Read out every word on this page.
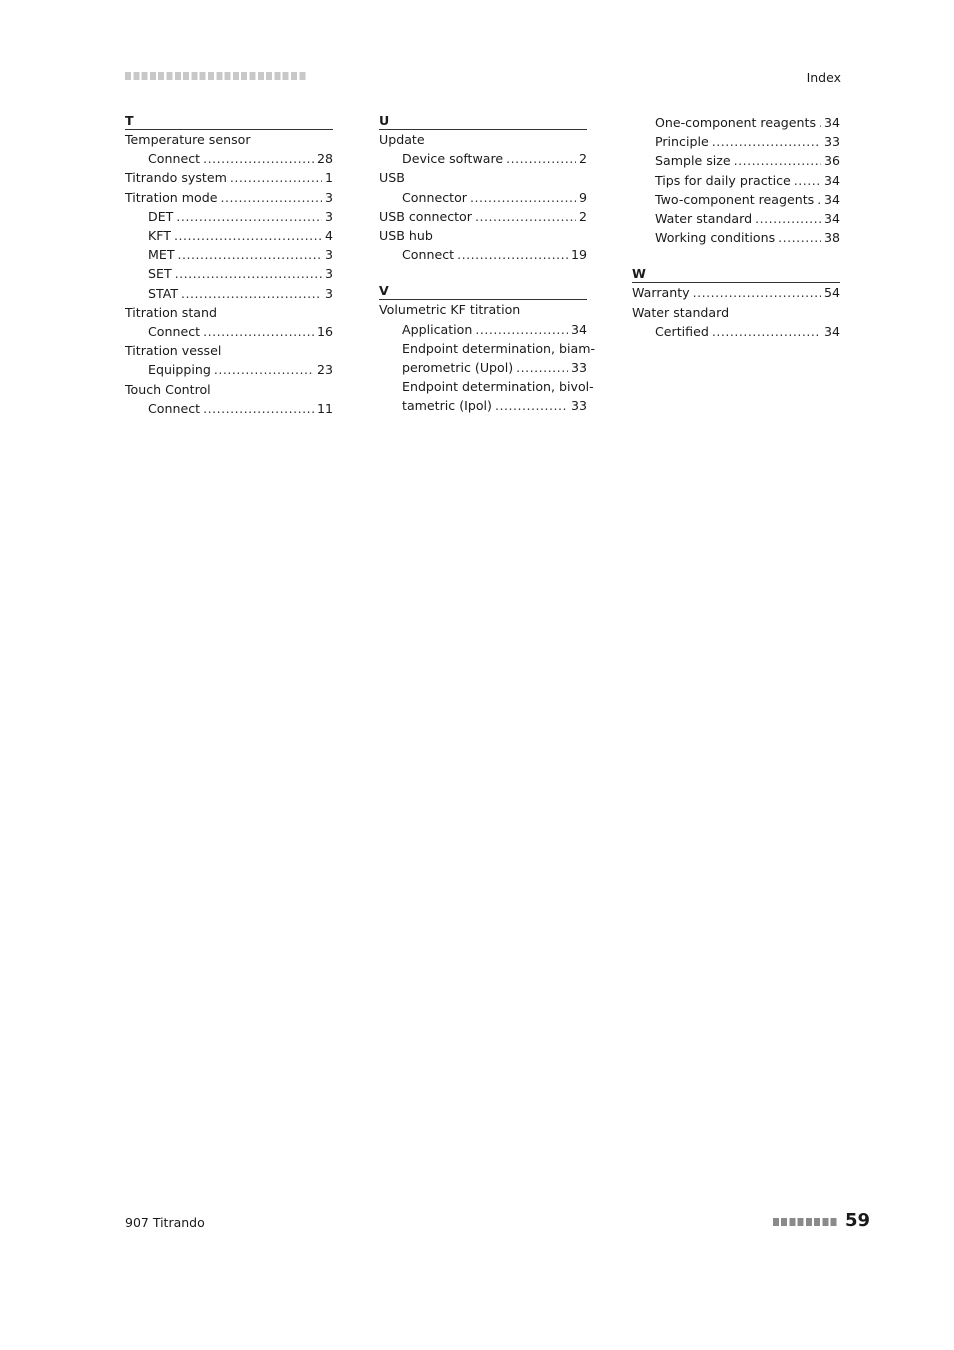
Index
T
Temperature sensor
Connect .....	28
Titrando system .....	1
Titration mode .....	3
DET .....	3
KFT .....	4
MET .....	3
SET .....	3
STAT .....	3
Titration stand
Connect .....	16
Titration vessel
Equipping .....	23
Touch Control
Connect .....	11
U
Update
Device software .....	2
USB
Connector .....	9
USB connector .....	2
USB hub
Connect .....	19
V
Volumetric KF titration
Application .....	34
Endpoint determination, biam-
perometric (Upol) .....	33
Endpoint determination, bivol-
tametric (Ipol) .....	33
One-component reagents ..... 34
Principle .....	33
Sample size .....	36
Tips for daily practice .....	34
Two-component reagents ..... 34
Water standard .....	34
Working conditions .....	38
W
Warranty .....	54
Water standard
Certified .....	34
907 Titrando	59
